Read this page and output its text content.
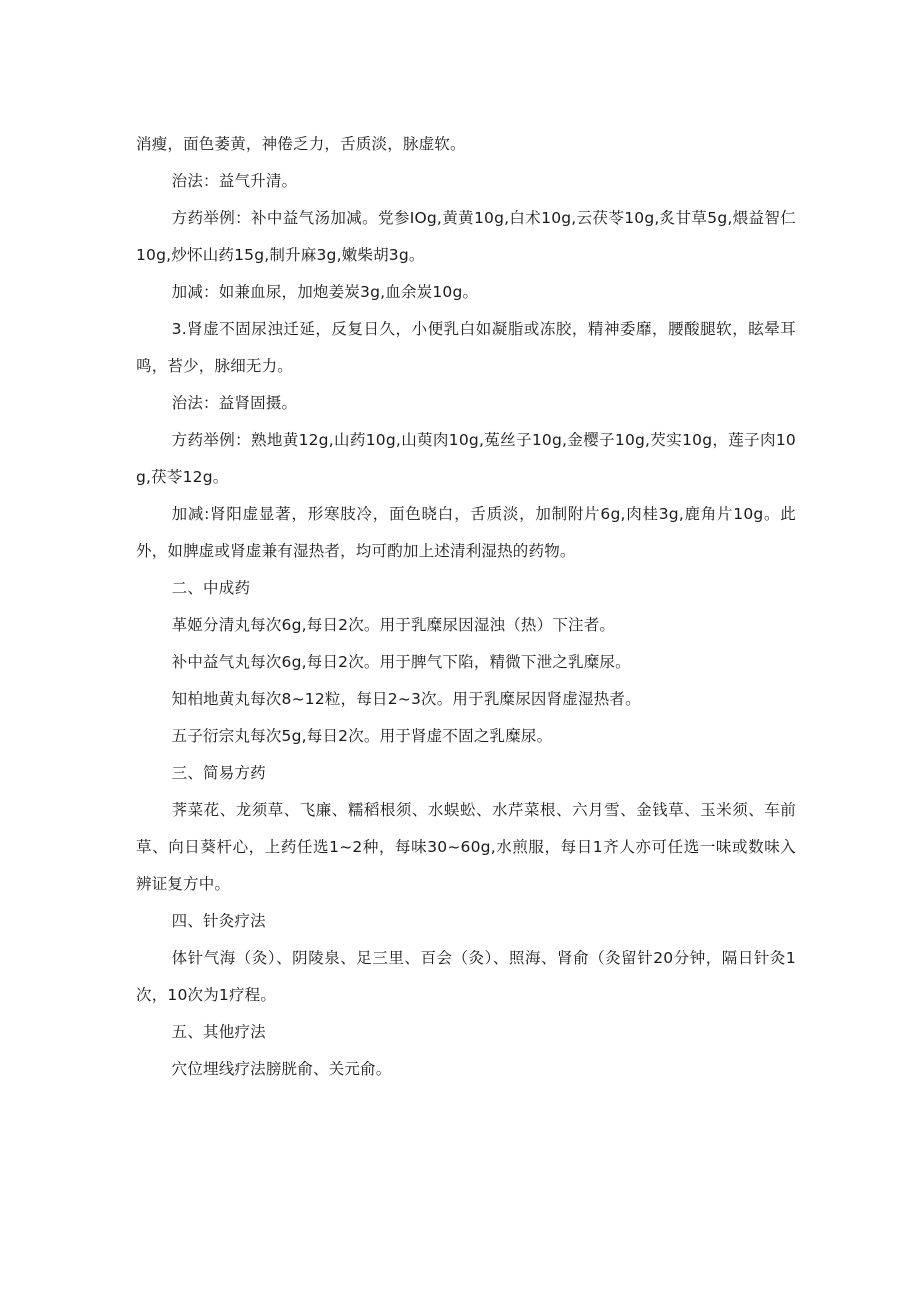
消瘦，面色萎黄，神倦乏力，舌质淡，脉虚软。

治法：益气升清。

方药举例：补中益气汤加减。党参IOg,黄黄10g,白术10g,云茯苓10g,炙甘草5g,煨益智仁10g,炒怀山药15g,制升麻3g,嫩柴胡3g。

加减：如兼血尿，加炮姜炭3g,血余炭10g。

3.肾虚不固尿浊迁延，反复日久，小便乳白如凝脂或冻胶，精神委靡，腰酸腿软，眩晕耳鸣，苔少，脉细无力。

治法：益肾固摄。

方药举例：熟地黄12g,山药10g,山萸肉10g,菟丝子10g,金樱子10g,芡实10g，莲子肉10g,茯苓12g。

加减:肾阳虚显著，形寒肢冷，面色晓白，舌质淡，加制附片6g,肉桂3g,鹿角片10g。此外，如脾虚或肾虚兼有湿热者，均可酌加上述清利湿热的药物。

二、中成药

革姬分清丸每次6g,每日2次。用于乳糜尿因湿浊（热）下注者。

补中益气丸每次6g,每日2次。用于脾气下陷，精微下泄之乳糜尿。

知柏地黄丸每次8~12粒，每日2~3次。用于乳糜尿因肾虚湿热者。

五子衍宗丸每次5g,每日2次。用于肾虚不固之乳糜尿。

三、简易方药

荠菜花、龙须草、飞廉、糯稻根须、水蜈蚣、水芹菜根、六月雪、金钱草、玉米须、车前草、向日葵杆心，上药任选1~2种，每味30~60g,水煎服，每日1齐人亦可任选一味或数味入辨证复方中。

四、针灸疗法

体针气海（灸）、阴陵泉、足三里、百会（灸）、照海、肾俞（灸留针20分钟，隔日针灸1次，10次为1疗程。

五、其他疗法

穴位埋线疗法膀胱俞、关元俞。
